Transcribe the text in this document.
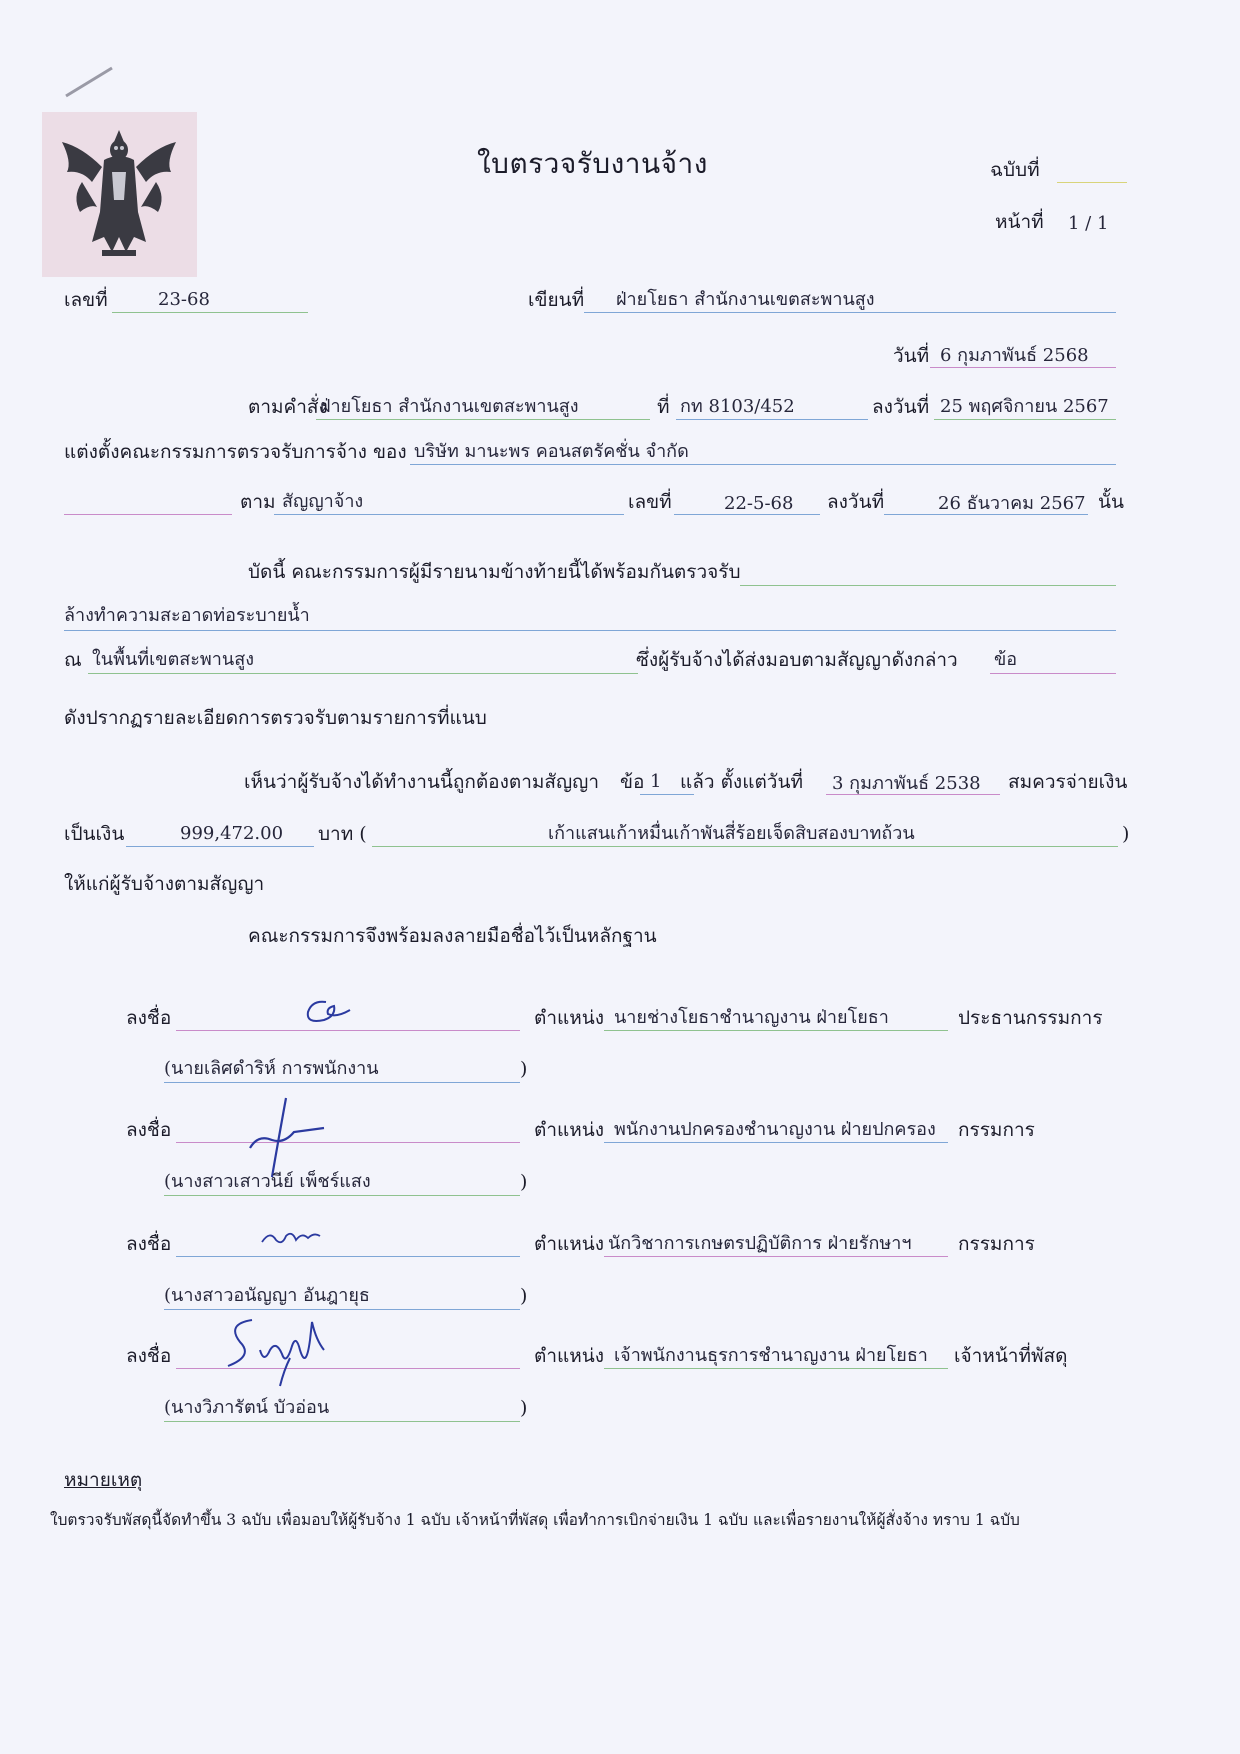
ใบตรวจรับงานจ้าง	ฉบับที่
หน้าที่ 1 / 1
เลขที่	23-68	เขียนที่ ฝ่ายโยธา สำนักงานเขตสะพานสูง
วันที่ 6 กุมภาพันธ์ 2568
ตามคำสั่ง
ฝ่ายโยธา สำนักงานเขตสะพานสูง	ที่ กท 8103/452	ลงวันที่ 25 พฤศจิกายน 2567
แต่งตั้งคณะกรรมการตรวจรับการจ้าง ของ บริษัท มานะพร คอนสตรัคชั่น จำกัด
ตาม สัญญาจ้าง	เลขที่	22-5-68 ลงวันที่	26 ธันวาคม 2567 นั้น
บัดนี้ คณะกรรมการผู้มีรายนามข้างท้ายนี้ได้พร้อมกันตรวจรับ
ล้างทำความสะอาดท่อระบายน้ำ
ณ ในพื้นที่เขตสะพานสูง	ซึ่งผู้รับจ้างได้ส่งมอบตามสัญญาดังกล่าว ข้อ
ดังปรากฏรายละเอียดการตรวจรับตามรายการที่แนบ
เห็นว่าผู้รับจ้างได้ทำงานนี้ถูกต้องตามสัญญา ข้อ 1 แล้ว ตั้งแต่วันที่ 3 กุมภาพันธ์ 2538 สมควรจ่ายเงิน
เป็นเงิน	999,472.00 บาท (	เก้าแสนเก้าหมื่นเก้าพันสี่ร้อยเจ็ดสิบสองบาทถ้วน	)
ให้แก่ผู้รับจ้างตามสัญญา
คณะกรรมการจึงพร้อมลงลายมือชื่อไว้เป็นหลักฐาน
ลงชื่อ	ตำแหน่ง นายช่างโยธาชำนาญงาน ฝ่ายโยธา	ประธานกรรมการ
(นายเลิศดำริห์ การพนักงาน	)
ลงชื่อ	ตำแหน่ง พนักงานปกครองชำนาญงาน ฝ่ายปกครอง กรรมการ
(นางสาวเสาวนีย์ เพ็ชร์แสง	)
ลงชื่อ	ตำแหน่ง นักวิชาการเกษตรปฏิบัติการ ฝ่ายรักษาฯ กรรมการ
(นางสาวอนัญญา อันฎายุธ	)
ลงชื่อ	ตำแหน่ง เจ้าพนักงานธุรการชำนาญงาน ฝ่ายโยธา เจ้าหน้าที่พัสดุ
(นางวิภารัตน์ บัวอ่อน	)
หมายเหตุ
ใบตรวจรับพัสดุนี้จัดทำขึ้น 3 ฉบับ เพื่อมอบให้ผู้รับจ้าง 1 ฉบับ เจ้าหน้าที่พัสดุ เพื่อทำการเบิกจ่ายเงิน 1 ฉบับ และเพื่อรายงานให้ผู้สั่งจ้าง ทราบ 1 ฉบับ
